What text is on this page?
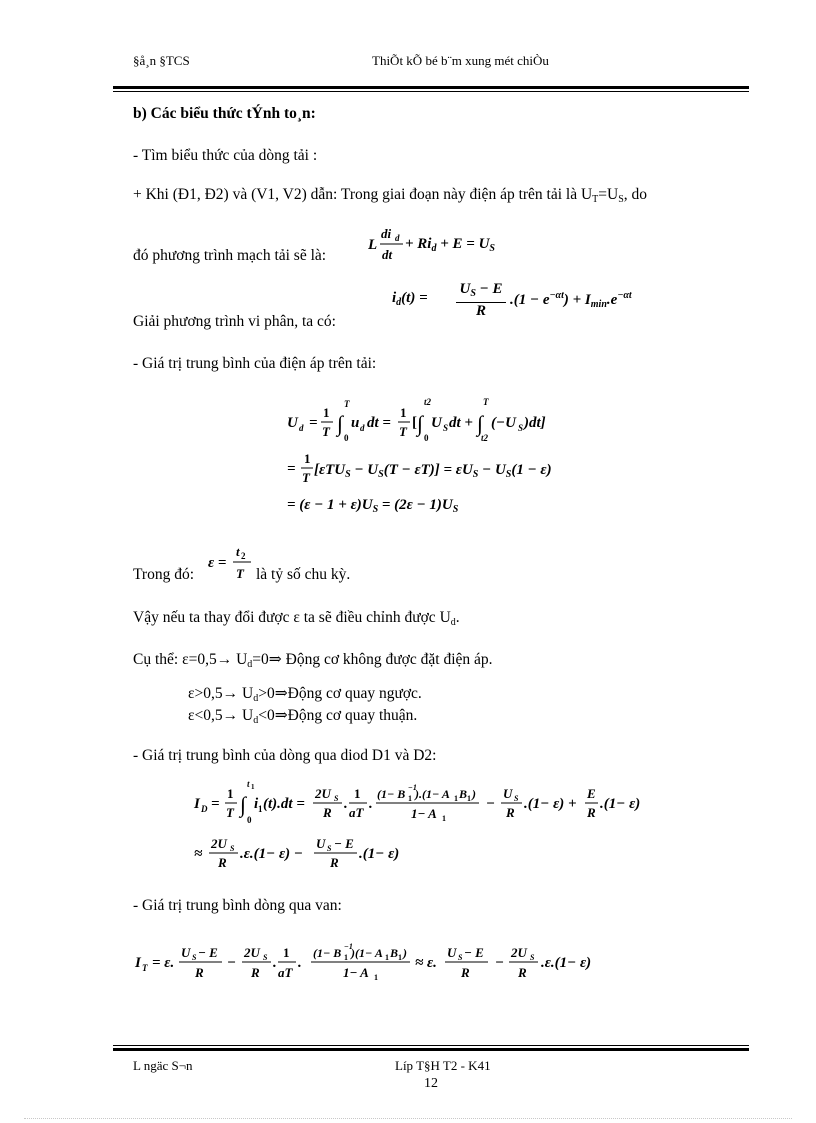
§å¸n §TCS	ThiÕt kÕ bé b¨m xung mét chiÒu
b) Các biểu thức tÝnh to¸n:
- Tìm biểu thức của dòng tải :
+ Khi (Đ1, Đ2) và (V1, V2) dẫn: Trong giai đoạn này điện áp trên tải là $U_T=U_S$, do
đó phương trình mạch tải sẽ là:
L
di d
dt
+ $Ri_d + E = U_S$
Giải phương trình vi phân, ta có:
$i_d(t)$ =
$U_S - E$
R
$.(1 - e^{-\alpha t}) + I_{min}.e^{-\alpha t}$
- Giá trị trung bình của điện áp trên tải:
U d =
1
T ∫
T
0
u d dt =
1
T
[ ∫
t2
0
U S dt + ∫
T
t2
(−U S )dt]
=
1
T $[\varepsilon TU_S - U_S(T - \varepsilon T)] = \varepsilon U_S - U_S(1 - \varepsilon)$
= $(\varepsilon - 1 + \varepsilon)U_S = (2\varepsilon - 1)U_S$
Trong đó:
ε =
t 2
T là tỷ số chu kỳ.
Vậy nếu ta thay đổi được ε ta sẽ điều chỉnh được $U_d$.
Cụ thể: $\varepsilon=0,5\to U_d=0\Rightarrow$ Động cơ không được đặt điện áp.
$\varepsilon>0,5\to U_d>0\Rightarrow Động$ cơ quay ngược.
$\varepsilon<0,5\to U_d<0\Rightarrow Động$ cơ quay thuận.
- Giá trị trung bình của dòng qua diod D1 và D2:
I D =
1
T ∫
t 1
0
i 1 (t).dt =
2U S
R
.
1
aT
.
(1− B 1
−1
).(1− A 1 B 1 )
1− A 1
−
U S
R
.(1− ε) +
E
R
.(1− ε)
≈
2U S
R
.ε.(1− ε) −
U S − E
R
.(1− ε)
- Giá trị trung bình dòng qua van:
I T = ε.
U S − E
R
−
2U S
R
.
1
aT
.
(1− B 1
−1
)(1− A 1 B 1 )
1− A 1
≈ ε.
U S − E
R
−
2U S
R
.ε.(1− ε)
L ngäc S¬n	Líp T§H T2 - K41
12
